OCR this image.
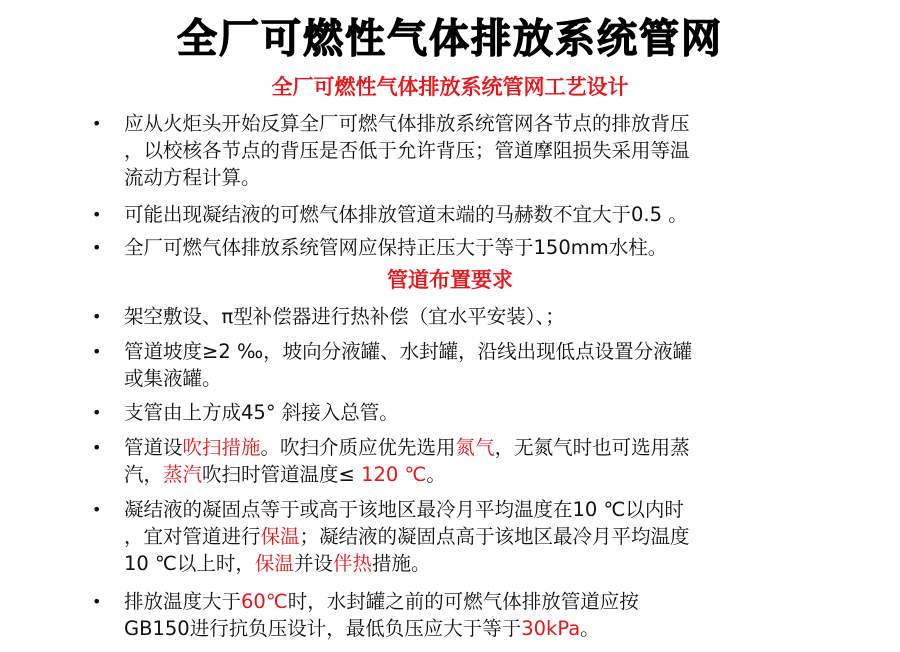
全厂可燃性气体排放系统管网
全厂可燃性气体排放系统管网工艺设计
• 应从火炬头开始反算全厂可燃气体排放系统管网各节点的排放背压
，以校核各节点的背压是否低于允许背压；管道摩阻损失采用等温
流动方程计算。
• 可能出现凝结液的可燃气体排放管道末端的马赫数不宜大于0.5 。
• 全厂可燃气体排放系统管网应保持正压大于等于150mm水柱。
管道布置要求
• 架空敷设、π型补偿器进行热补偿（宜水平安装）、；
• 管道坡度≥2 ‰，坡向分液罐、水封罐，沿线出现低点设置分液罐
或集液罐。
• 支管由上方成45° 斜接入总管。
• 管道设吹扫措施。吹扫介质应优先选用氮气，无氮气时也可选用蒸
汽，蒸汽吹扫时管道温度≤ 120 ℃。
• 凝结液的凝固点等于或高于该地区最冷月平均温度在10 ℃以内时
，宜对管道进行保温；凝结液的凝固点高于该地区最冷月平均温度
10 ℃以上时，保温并设伴热措施。
• 排放温度大于60℃时，水封罐之前的可燃气体排放管道应按
GB150进行抗负压设计，最低负压应大于等于30kPa。
